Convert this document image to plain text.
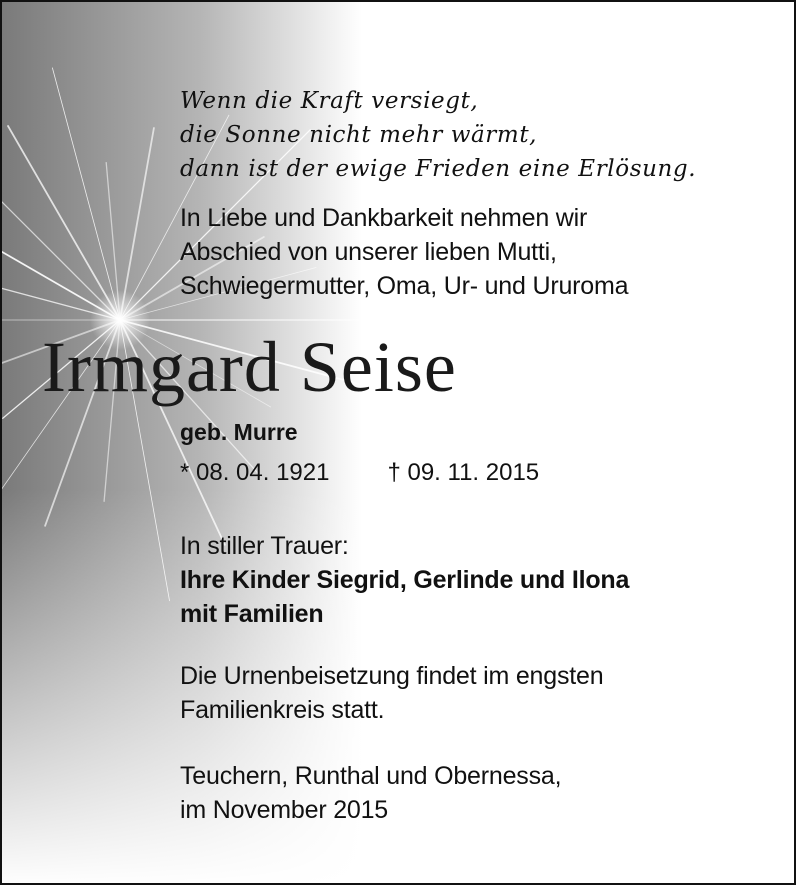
Wenn die Kraft versiegt,

die Sonne nicht mehr wärmt,

dann ist der ewige Frieden eine Erlösung.

In Liebe und Dankbarkeit nehmen wir

Abschied von unserer lieben Mutti,

Schwiegermutter, Oma, Ur- und Ururoma

Irmgard Seise
geb. Murre
* 08. 04. 1921 † 09. 11. 2015

In stiller Trauer:

Ihre Kinder Siegrid, Gerlinde und Ilona

mit Familien

Die Urnenbeisetzung findet im engsten

Familienkreis statt.

Teuchern, Runthal und Obernessa,

im November 2015
